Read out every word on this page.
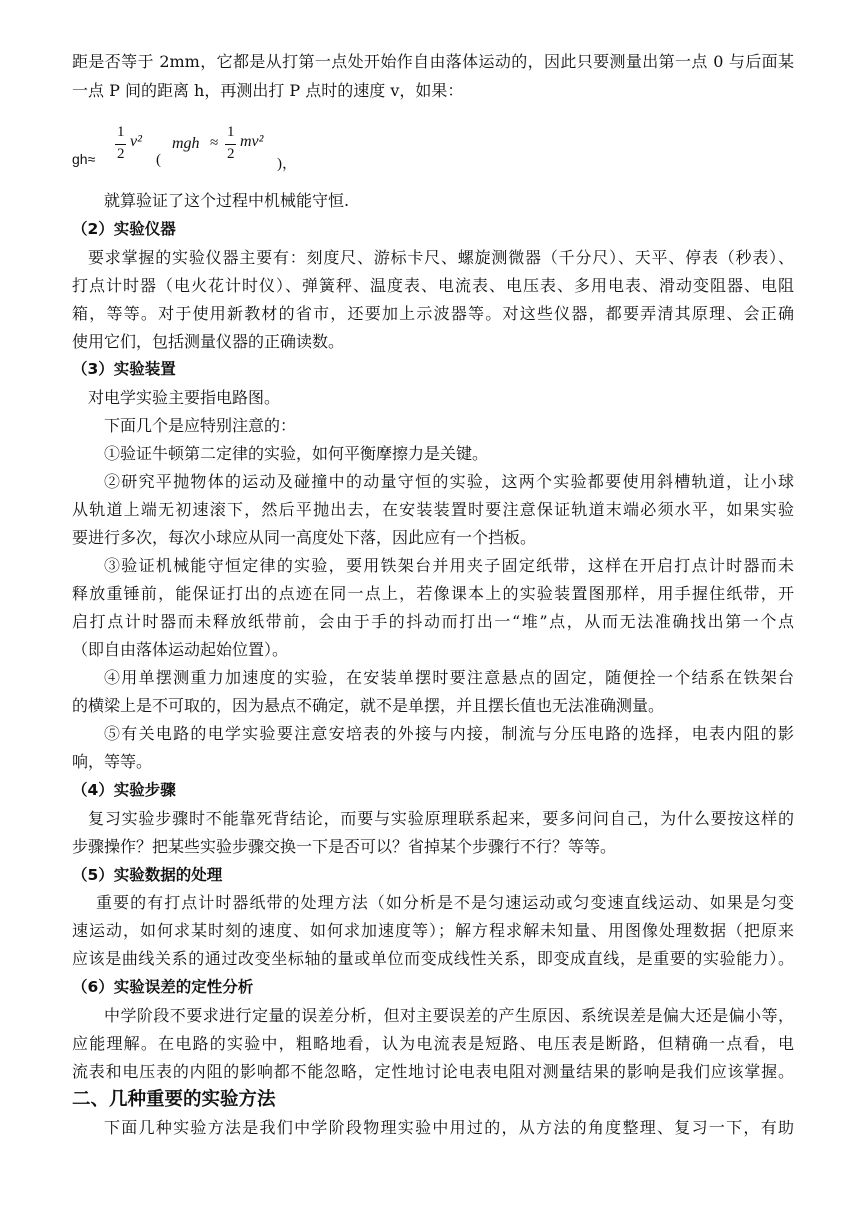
距是否等于 2mm，它都是从打第一点处开始作自由落体运动的，因此只要测量出第一点 0 与后面某
一点 P 间的距离 h，再测出打 P 点时的速度 v，如果：
gh≈
1
2
v²
(
mgh ≈
1
2
mv²
)，
就算验证了这个过程中机械能守恒.
（2）实验仪器
要求掌握的实验仪器主要有：刻度尺、游标卡尺、螺旋测微器（千分尺）、天平、停表（秒表）、
打点计时器（电火花计时仪）、弹簧秤、温度表、电流表、电压表、多用电表、滑动变阻器、电阻
箱，等等。对于使用新教材的省市，还要加上示波器等。对这些仪器，都要弄清其原理、会正确
使用它们，包括测量仪器的正确读数。
（3）实验装置
对电学实验主要指电路图。
下面几个是应特别注意的：
①验证牛顿第二定律的实验，如何平衡摩擦力是关键。
②研究平抛物体的运动及碰撞中的动量守恒的实验，这两个实验都要使用斜槽轨道，让小球
从轨道上端无初速滚下，然后平抛出去，在安装装置时要注意保证轨道末端必须水平，如果实验
要进行多次，每次小球应从同一高度处下落，因此应有一个挡板。
③验证机械能守恒定律的实验，要用铁架台并用夹子固定纸带，这样在开启打点计时器而未
释放重锤前，能保证打出的点迹在同一点上，若像课本上的实验装置图那样，用手握住纸带，开
启打点计时器而未释放纸带前，会由于手的抖动而打出一“堆”点，从而无法准确找出第一个点
（即自由落体运动起始位置）。
④用单摆测重力加速度的实验，在安装单摆时要注意悬点的固定，随便拴一个结系在铁架台
的横梁上是不可取的，因为悬点不确定，就不是单摆，并且摆长值也无法准确测量。
⑤有关电路的电学实验要注意安培表的外接与内接，制流与分压电路的选择，电表内阻的影
响，等等。
（4）实验步骤
复习实验步骤时不能靠死背结论，而要与实验原理联系起来，要多问问自己，为什么要按这样的
步骤操作？把某些实验步骤交换一下是否可以？省掉某个步骤行不行？等等。
（5）实验数据的处理
重要的有打点计时器纸带的处理方法（如分析是不是匀速运动或匀变速直线运动、如果是匀变
速运动，如何求某时刻的速度、如何求加速度等）；解方程求解未知量、用图像处理数据（把原来
应该是曲线关系的通过改变坐标轴的量或单位而变成线性关系，即变成直线，是重要的实验能力）。
（6）实验误差的定性分析
中学阶段不要求进行定量的误差分析，但对主要误差的产生原因、系统误差是偏大还是偏小等，
应能理解。在电路的实验中，粗略地看，认为电流表是短路、电压表是断路，但精确一点看，电
流表和电压表的内阻的影响都不能忽略，定性地讨论电表电阻对测量结果的影响是我们应该掌握。
二、几种重要的实验方法
下面几种实验方法是我们中学阶段物理实验中用过的，从方法的角度整理、复习一下，有助
